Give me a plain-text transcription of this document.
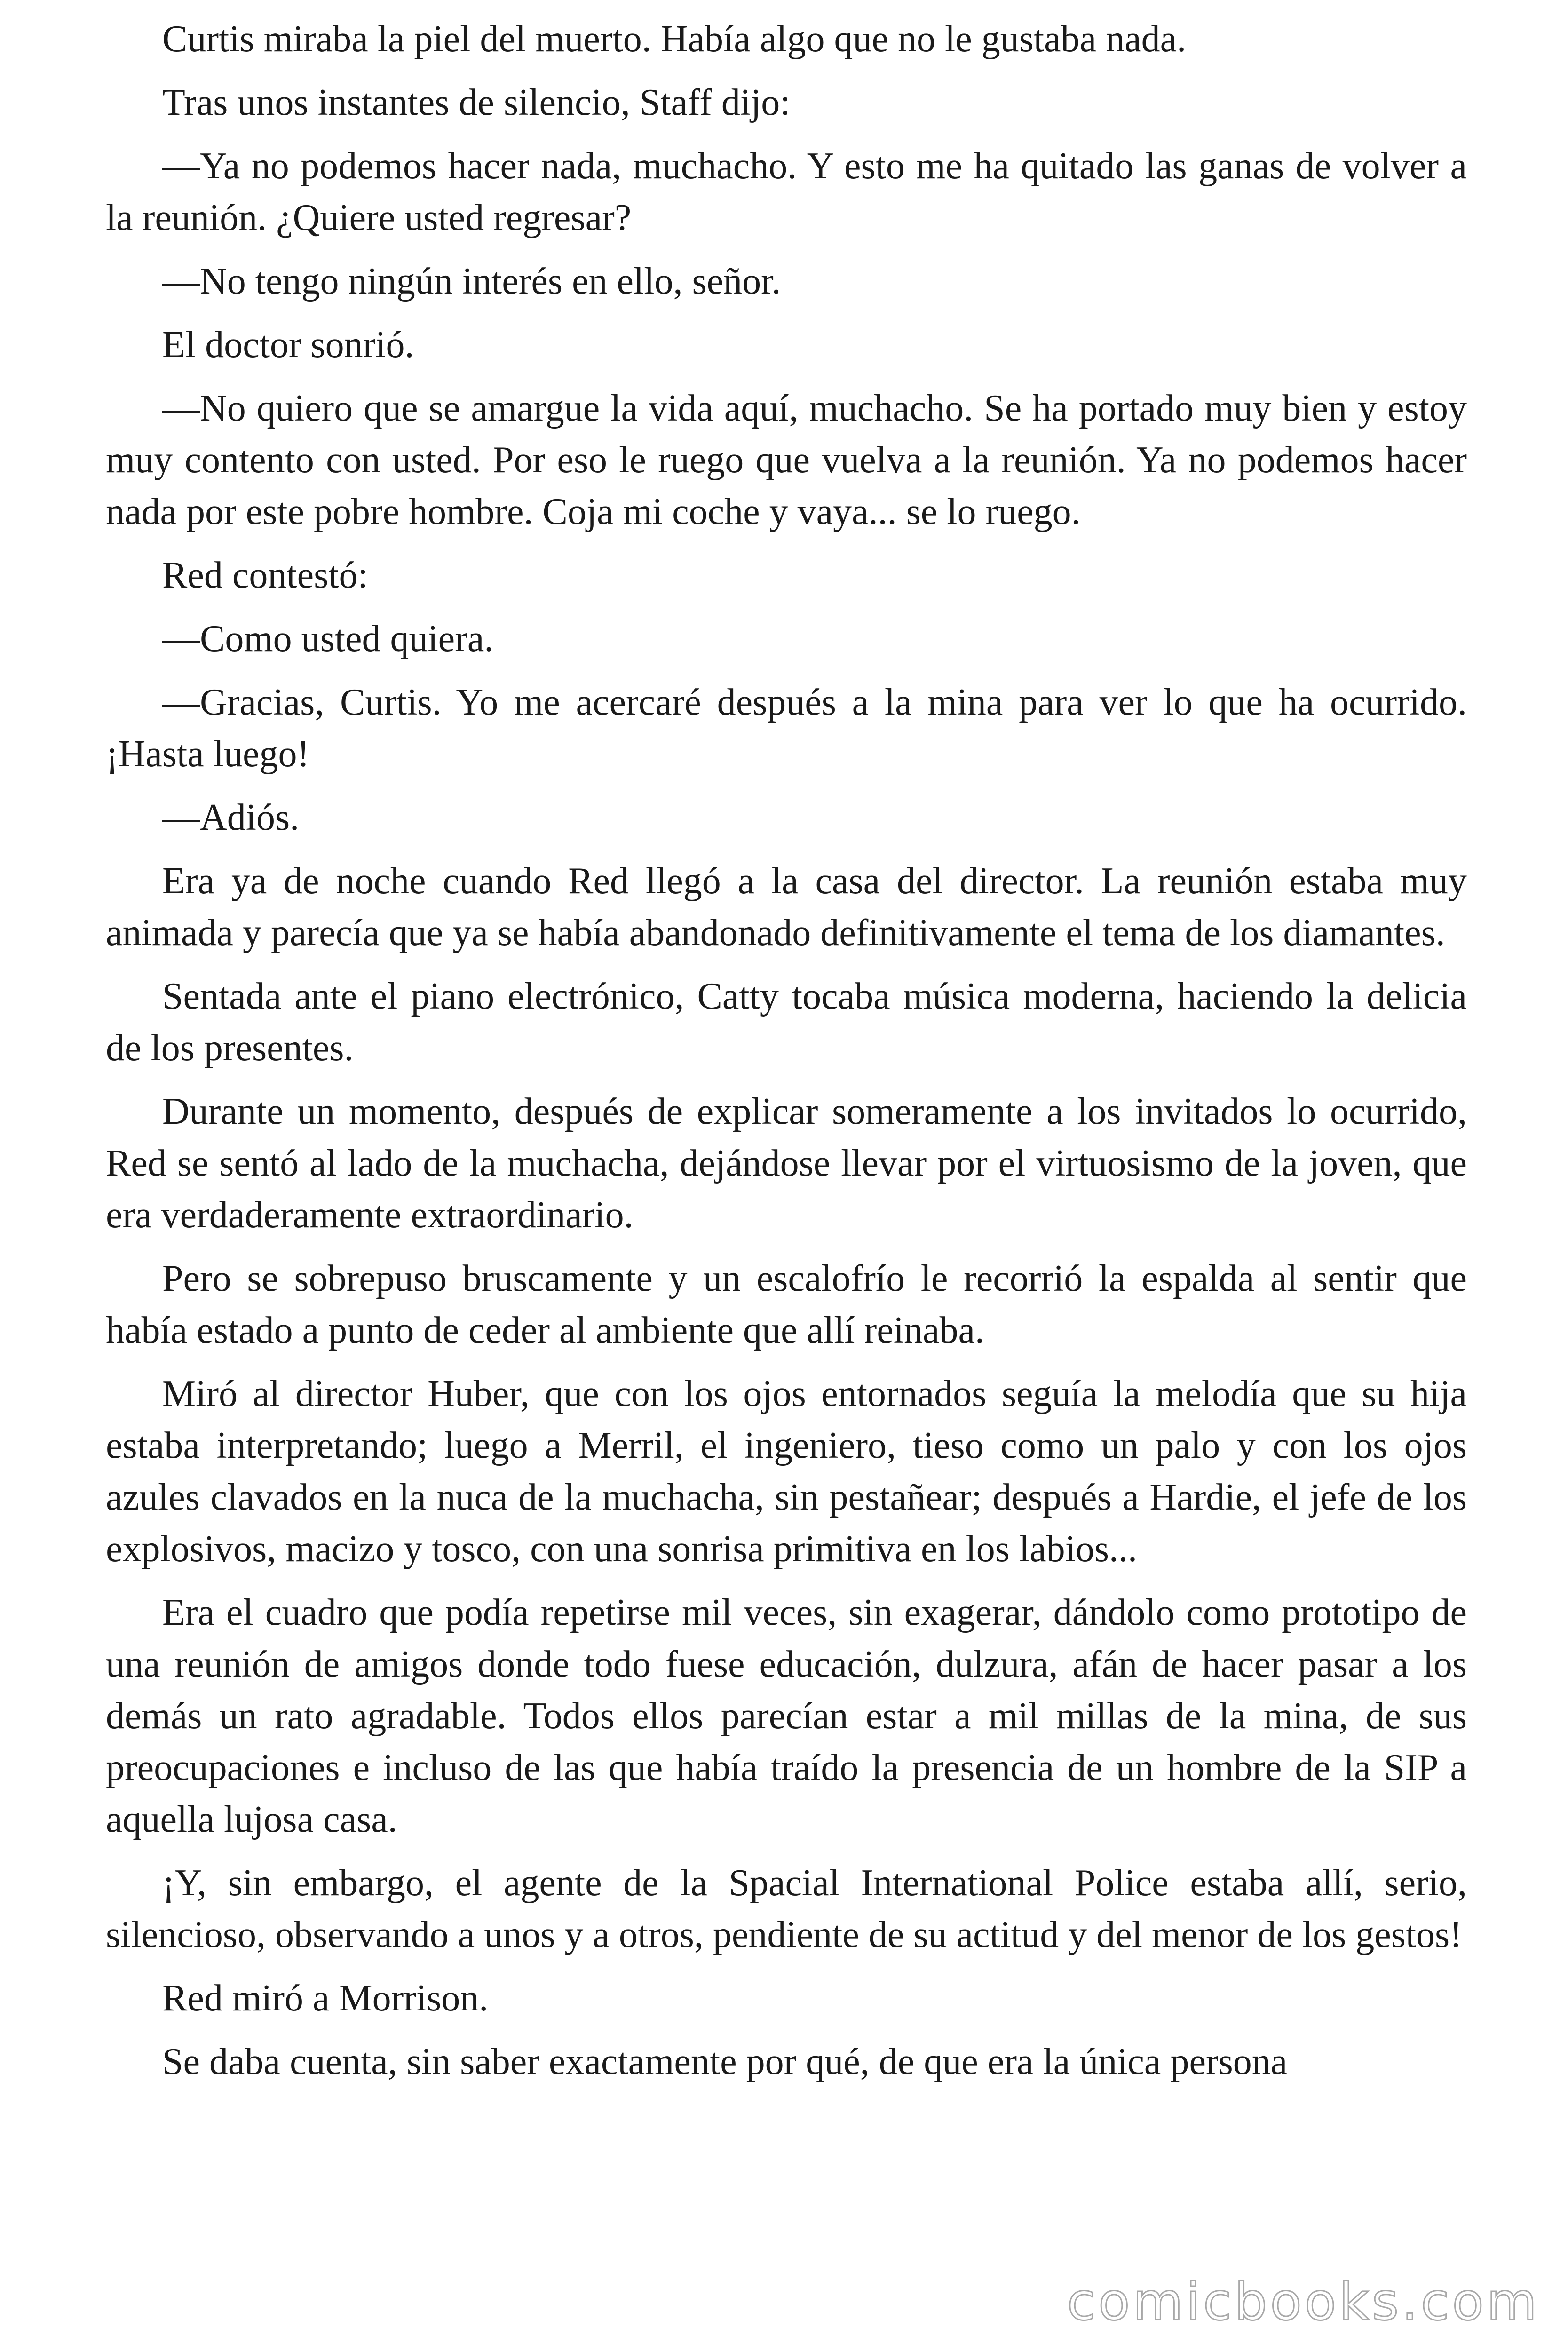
Curtis miraba la piel del muerto. Había algo que no le gustaba nada.

Tras unos instantes de silencio, Staff dijo:

—Ya no podemos hacer nada, muchacho. Y esto me ha quitado las ganas de volver a la reunión. ¿Quiere usted regresar?

—No tengo ningún interés en ello, señor.

El doctor sonrió.

—No quiero que se amargue la vida aquí, muchacho. Se ha portado muy bien y estoy muy contento con usted. Por eso le ruego que vuelva a la reunión. Ya no podemos hacer nada por este pobre hombre. Coja mi coche y vaya... se lo ruego.

Red contestó:

—Como usted quiera.

—Gracias, Curtis. Yo me acercaré después a la mina para ver lo que ha ocurrido. ¡Hasta luego!

—Adiós.

Era ya de noche cuando Red llegó a la casa del director. La reunión estaba muy animada y parecía que ya se había abandonado definitivamente el tema de los diamantes.

Sentada ante el piano electrónico, Catty tocaba música moderna, haciendo la delicia de los presentes.

Durante un momento, después de explicar someramente a los invitados lo ocurrido, Red se sentó al lado de la muchacha, dejándose llevar por el virtuosismo de la joven, que era verdaderamente extraordinario.

Pero se sobrepuso bruscamente y un escalofrío le recorrió la espalda al sentir que había estado a punto de ceder al ambiente que allí reinaba.

Miró al director Huber, que con los ojos entornados seguía la melodía que su hija estaba interpretando; luego a Merril, el ingeniero, tieso como un palo y con los ojos azules clavados en la nuca de la muchacha, sin pestañear; después a Hardie, el jefe de los explosivos, macizo y tosco, con una sonrisa primitiva en los labios...

Era el cuadro que podía repetirse mil veces, sin exagerar, dándolo como prototipo de una reunión de amigos donde todo fuese educación, dulzura, afán de hacer pasar a los demás un rato agradable. Todos ellos parecían estar a mil millas de la mina, de sus preocupaciones e incluso de las que había traído la presencia de un hombre de la SIP a aquella lujosa casa.

¡Y, sin embargo, el agente de la Spacial International Police estaba allí, serio, silencioso, observando a unos y a otros, pendiente de su actitud y del menor de los gestos!

Red miró a Morrison.

Se daba cuenta, sin saber exactamente por qué, de que era la única persona

comicbooks.com
